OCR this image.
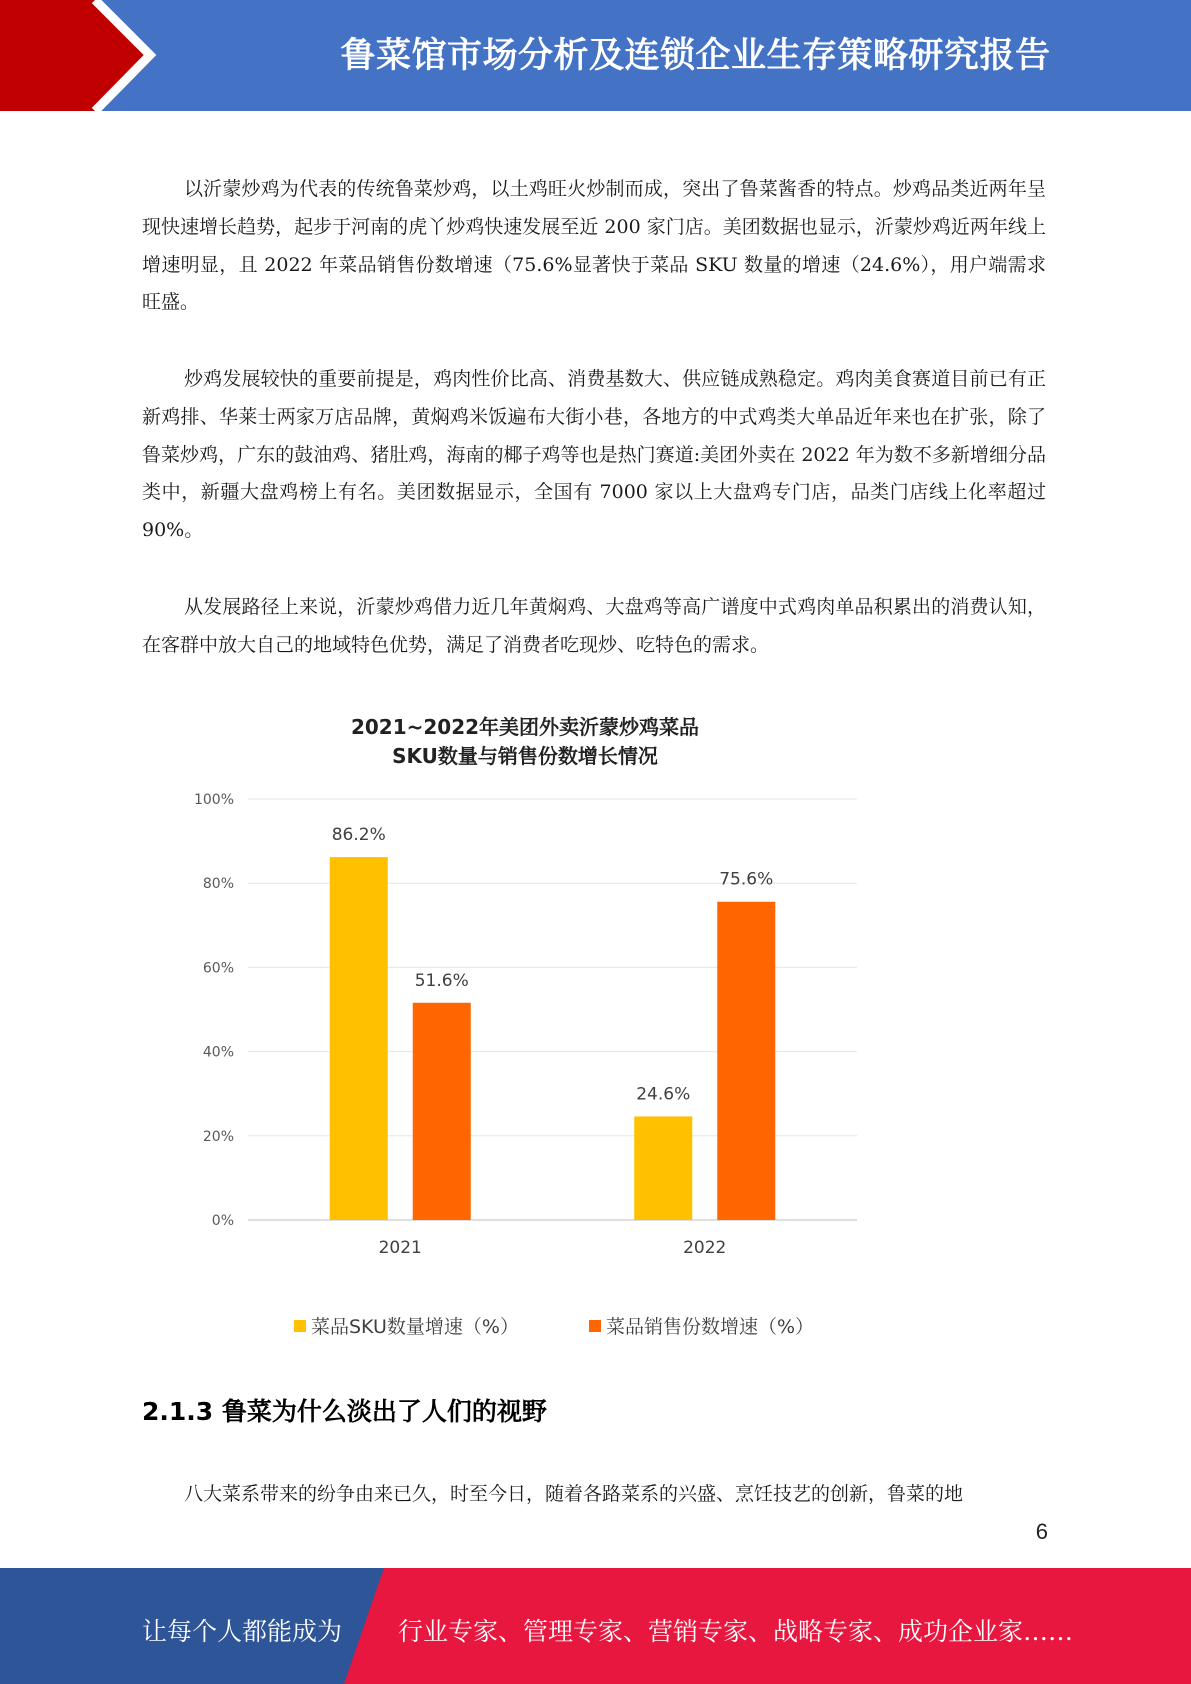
鲁菜馆市场分析及连锁企业生存策略研究报告

以沂蒙炒鸡为代表的传统鲁菜炒鸡，以土鸡旺火炒制而成，突出了鲁菜酱香的特点。炒鸡品类近两年呈现快速增长趋势，起步于河南的虎丫炒鸡快速发展至近 200 家门店。美团数据也显示，沂蒙炒鸡近两年线上增速明显，且 2022 年菜品销售份数增速（75.6%显著快于菜品 SKU 数量的增速（24.6%），用户端需求旺盛。

炒鸡发展较快的重要前提是，鸡肉性价比高、消费基数大、供应链成熟稳定。鸡肉美食赛道目前已有正新鸡排、华莱士两家万店品牌，黄焖鸡米饭遍布大街小巷，各地方的中式鸡类大单品近年来也在扩张，除了鲁菜炒鸡，广东的鼓油鸡、猪肚鸡，海南的椰子鸡等也是热门赛道:美团外卖在 2022 年为数不多新增细分品类中，新疆大盘鸡榜上有名。美团数据显示，全国有 7000 家以上大盘鸡专门店，品类门店线上化率超过 90%。

从发展路径上来说，沂蒙炒鸡借力近几年黄焖鸡、大盘鸡等高广谱度中式鸡肉单品积累出的消费认知，在客群中放大自己的地域特色优势，满足了消费者吃现炒、吃特色的需求。

2021~2022年美团外卖沂蒙炒鸡菜品
SKU数量与销售份数增长情况
0%
20%
40%
60%
80%
100%
86.2%
51.6%
2021
24.6%
75.6%
2022
菜品SKU数量增速（%）	菜品销售份数增速（%）
2.1.3 鲁菜为什么淡出了人们的视野

八大菜系带来的纷争由来已久，时至今日，随着各路菜系的兴盛、烹饪技艺的创新，鲁菜的地

6
让每个人都能成为 行业专家、管理专家、营销专家、战略专家、成功企业家……
